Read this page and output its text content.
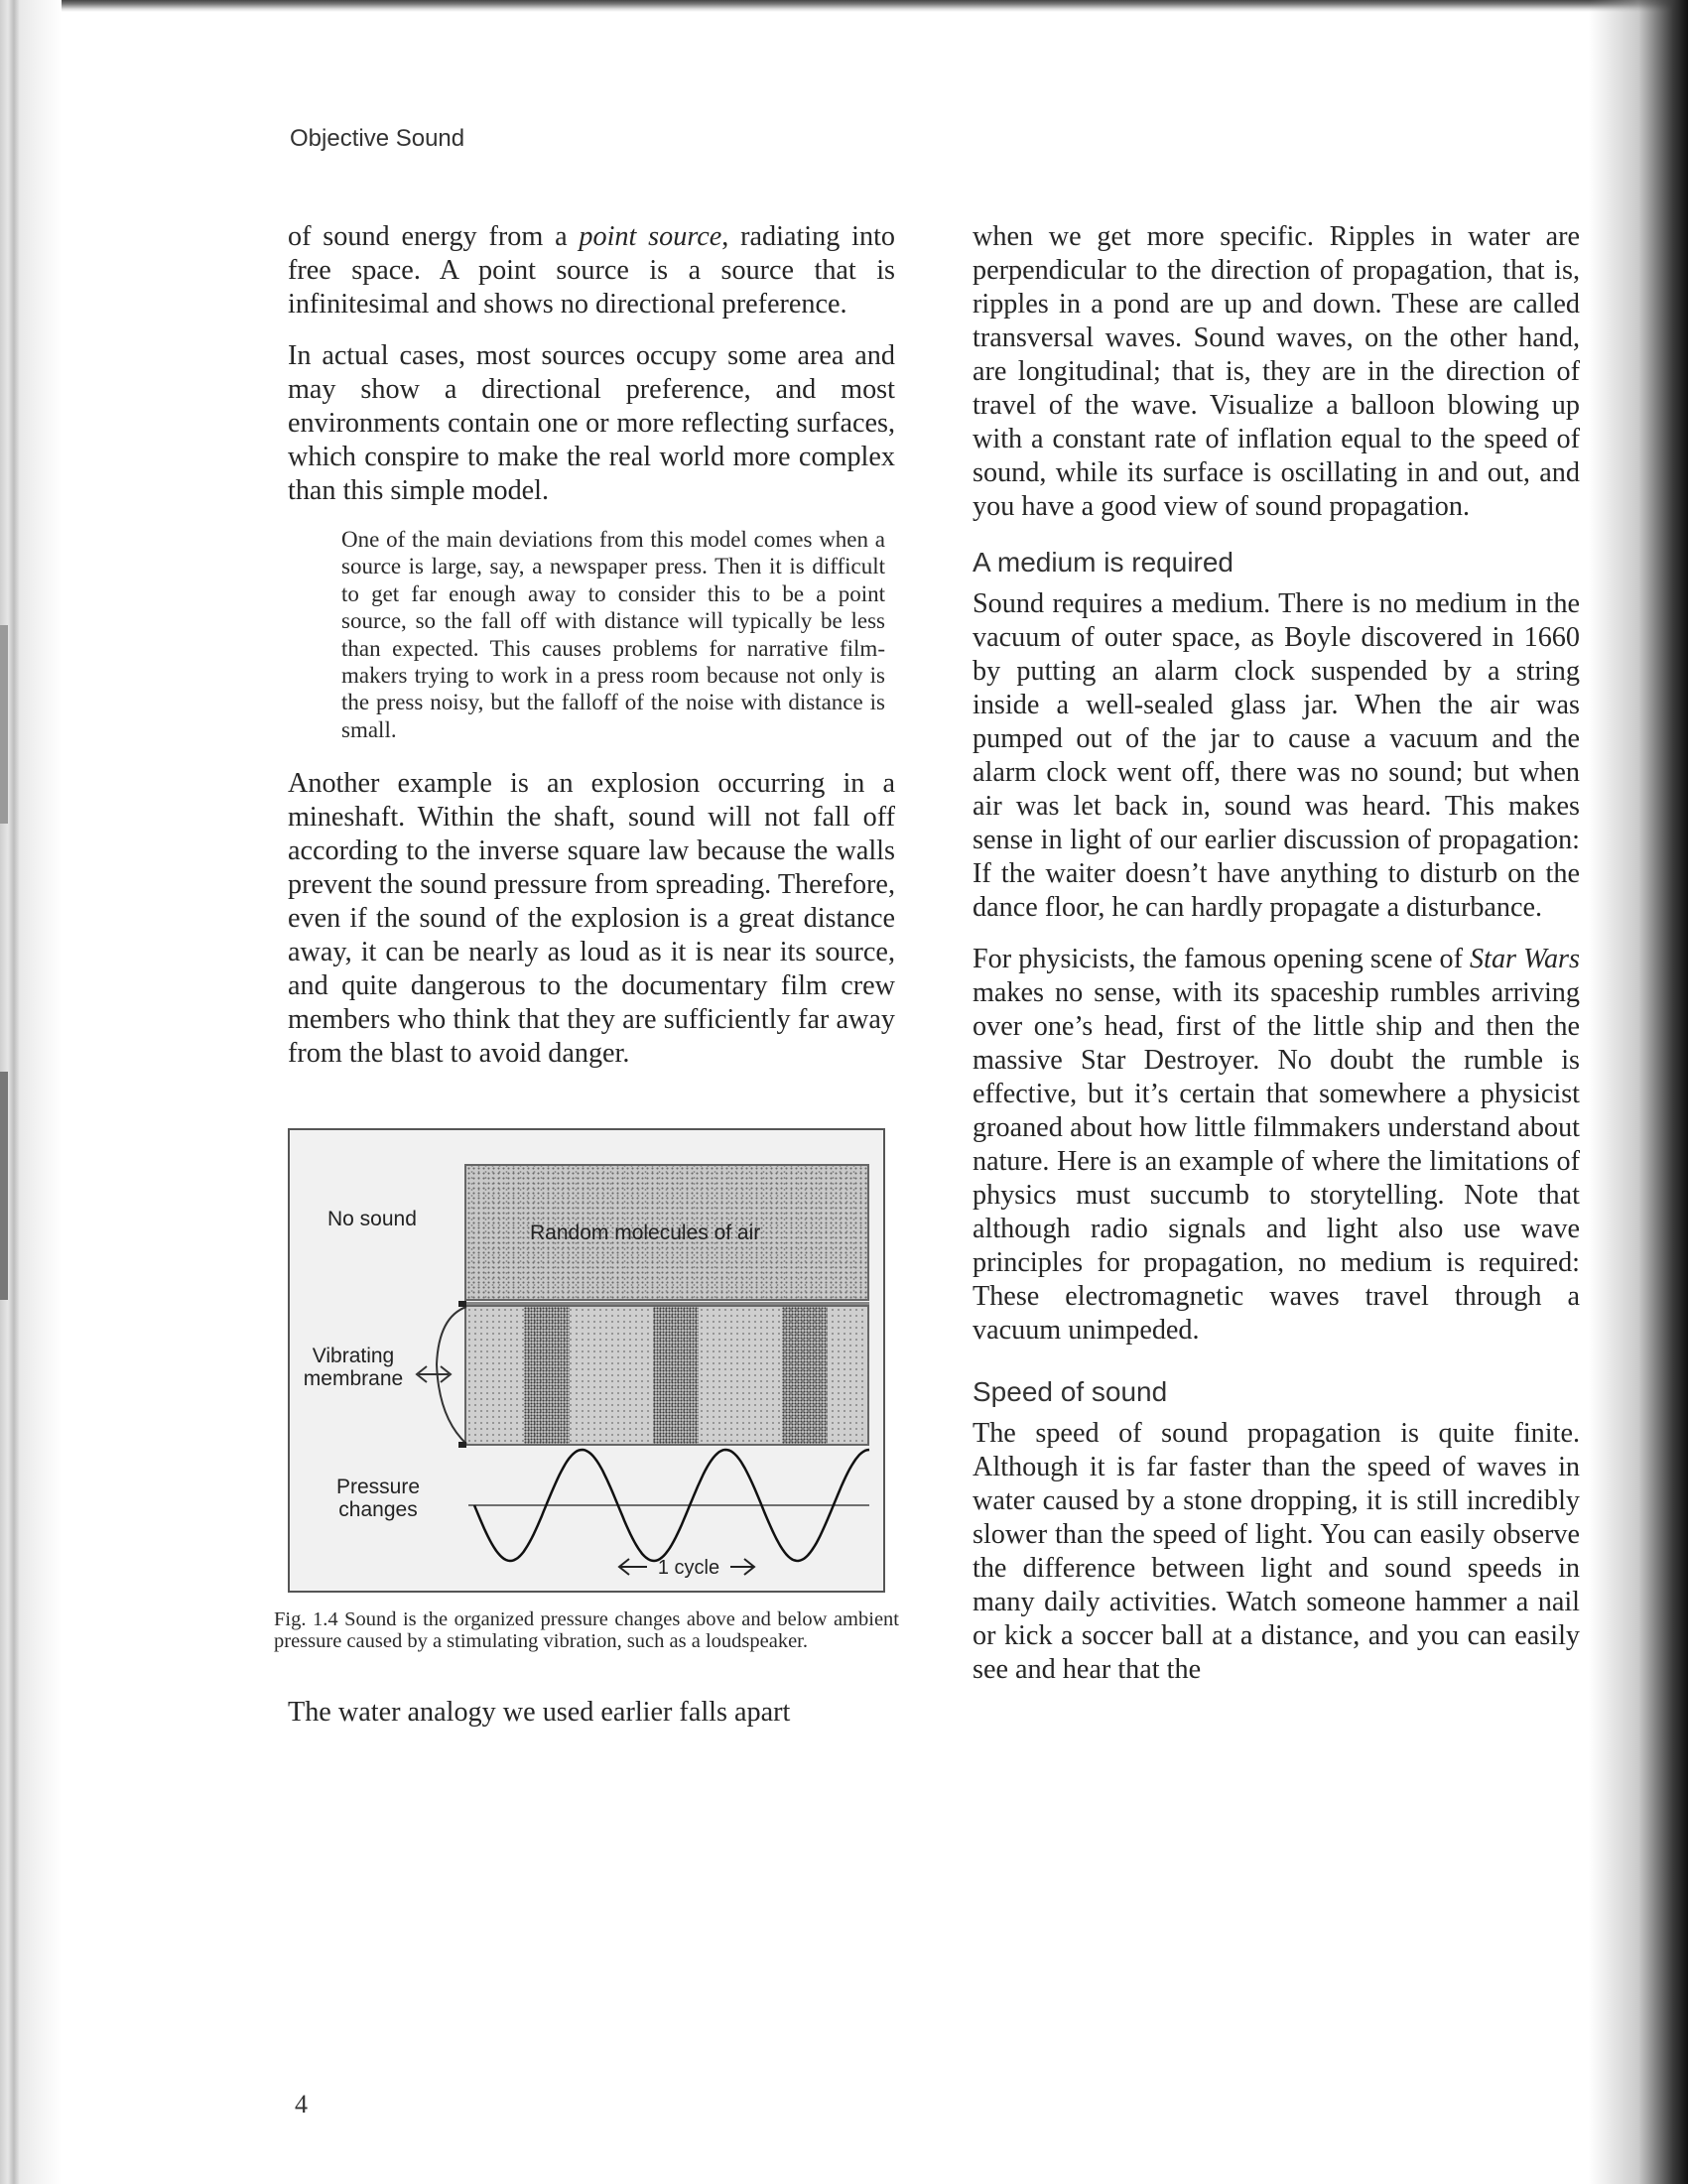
Objective Sound

of sound energy from a point source, radiating into free space. A point source is a source that is infinitesimal and shows no directional preference.

In actual cases, most sources occupy some area and may show a directional preference, and most environments contain one or more reflecting surfaces, which conspire to make the real world more complex than this simple model.

One of the main deviations from this model comes when a source is large, say, a newspaper press. Then it is difficult to get far enough away to consider this to be a point source, so the fall off with distance will typically be less than expected. This causes problems for narrative filmmakers trying to work in a press room because not only is the press noisy, but the falloff of the noise with distance is small.

Another example is an explosion occurring in a mineshaft. Within the shaft, sound will not fall off according to the inverse square law because the walls prevent the sound pressure from spreading. Therefore, even if the sound of the explosion is a great distance away, it can be nearly as loud as it is near its source, and quite dangerous to the documentary film crew members who think that they are sufficiently far away from the blast to avoid danger.

Random molecules of air
1 cycle
No sound
Vibrating membrane
Pressure changes
Fig. 1.4 Sound is the organized pressure changes above and below ambient pressure caused by a stimulating vibration, such as a loudspeaker.

The water analogy we used earlier falls apart

when we get more specific. Ripples in water are perpendicular to the direction of propagation, that is, ripples in a pond are up and down. These are called transversal waves. Sound waves, on the other hand, are longitudinal; that is, they are in the direction of travel of the wave. Visualize a balloon blowing up with a constant rate of inflation equal to the speed of sound, while its surface is oscillating in and out, and you have a good view of sound propagation.

A medium is required

Sound requires a medium. There is no medium in the vacuum of outer space, as Boyle discovered in 1660 by putting an alarm clock suspended by a string inside a well-sealed glass jar. When the air was pumped out of the jar to cause a vacuum and the alarm clock went off, there was no sound; but when air was let back in, sound was heard. This makes sense in light of our earlier discussion of propagation: If the waiter doesn’t have anything to disturb on the dance floor, he can hardly propagate a disturbance.

For physicists, the famous opening scene of Star Wars makes no sense, with its spaceship rumbles arriving over one’s head, first of the little ship and then the massive Star Destroyer. No doubt the rumble is effective, but it’s certain that somewhere a physicist groaned about how little filmmakers understand about nature. Here is an example of where the limitations of physics must succumb to storytelling. Note that although radio signals and light also use wave principles for propagation, no medium is required: These electromagnetic waves travel through a vacuum unimpeded.

Speed of sound

The speed of sound propagation is quite finite. Although it is far faster than the speed of waves in water caused by a stone dropping, it is still incredibly slower than the speed of light. You can easily observe the difference between light and sound speeds in many daily activities. Watch someone hammer a nail or kick a soccer ball at a distance, and you can easily see and hear that the

4
